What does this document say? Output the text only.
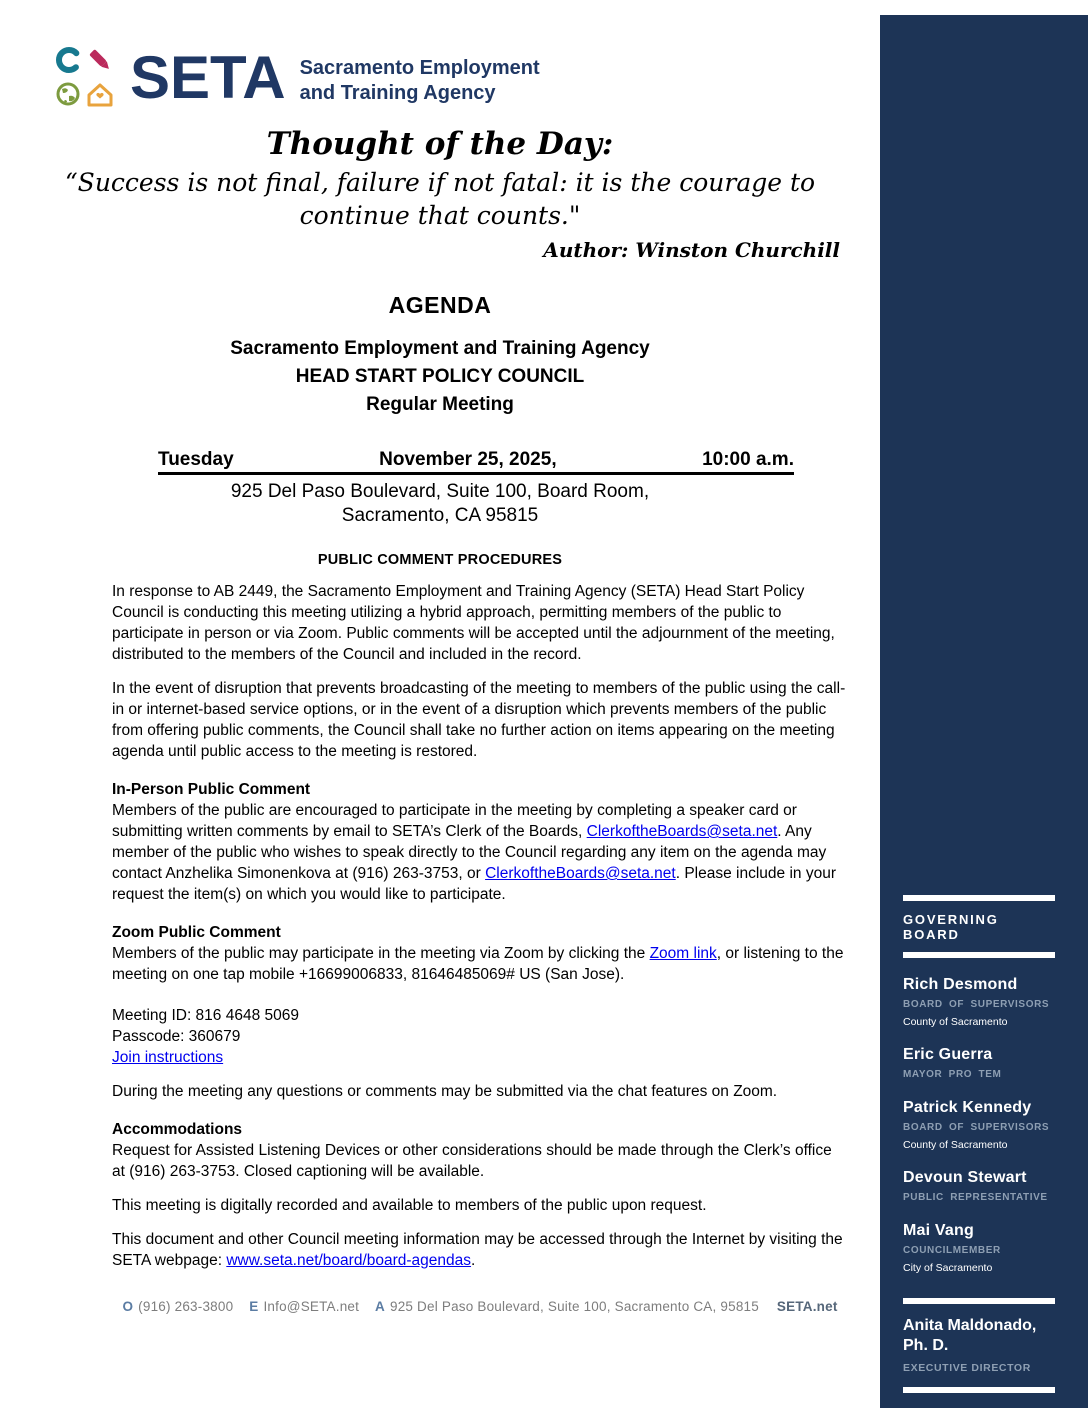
SETA Sacramento Employment
and Training Agency
Thought of the Day:
“Success is not final, failure if not fatal: it is the courage to
continue that counts."
Author: Winston Churchill
AGENDA
Sacramento Employment and Training Agency
HEAD START POLICY COUNCIL
Regular Meeting
Tuesday	November 25, 2025,	10:00 a.m.
925 Del Paso Boulevard, Suite 100, Board Room,
Sacramento, CA 95815
PUBLIC COMMENT PROCEDURES

In response to AB 2449, the Sacramento Employment and Training Agency (SETA) Head Start Policy Council is conducting this meeting utilizing a hybrid approach, permitting members of the public to participate in person or via Zoom. Public comments will be accepted until the adjournment of the meeting, distributed to the members of the Council and included in the record.

In the event of disruption that prevents broadcasting of the meeting to members of the public using the call-in or internet-based service options, or in the event of a disruption which prevents members of the public from offering public comments, the Council shall take no further action on items appearing on the meeting agenda until public access to the meeting is restored.

In-Person Public Comment

Members of the public are encouraged to participate in the meeting by completing a speaker card or submitting written comments by email to SETA’s Clerk of the Boards, ClerkoftheBoards@seta.net. Any member of the public who wishes to speak directly to the Council regarding any item on the agenda may contact Anzhelika Simonenkova at (916) 263-3753, or ClerkoftheBoards@seta.net. Please include in your request the item(s) on which you would like to participate.

Zoom Public Comment

Members of the public may participate in the meeting via Zoom by clicking the Zoom link, or listening to the meeting on one tap mobile +16699006833, 81646485069# US (San Jose).

Meeting ID: 816 4648 5069
Passcode: 360679
Join instructions

During the meeting any questions or comments may be submitted via the chat features on Zoom.

Accommodations

Request for Assisted Listening Devices or other considerations should be made through the Clerk’s office at (916) 263-3753. Closed captioning will be available.

This meeting is digitally recorded and available to members of the public upon request.

This document and other Council meeting information may be accessed through the Internet by visiting the SETA webpage: www.seta.net/board/board-agendas.

O (916) 263-3800 E Info@SETA.net A 925 Del Paso Boulevard, Suite 100, Sacramento CA, 95815 SETA.net
GOVERNING BOARD
Rich Desmond
BOARD OF SUPERVISORS
County of Sacramento
Eric Guerra
MAYOR PRO TEM
Patrick Kennedy
BOARD OF SUPERVISORS
County of Sacramento
Devoun Stewart
PUBLIC REPRESENTATIVE
Mai Vang
COUNCILMEMBER
City of Sacramento
Anita Maldonado, Ph. D.
EXECUTIVE DIRECTOR
